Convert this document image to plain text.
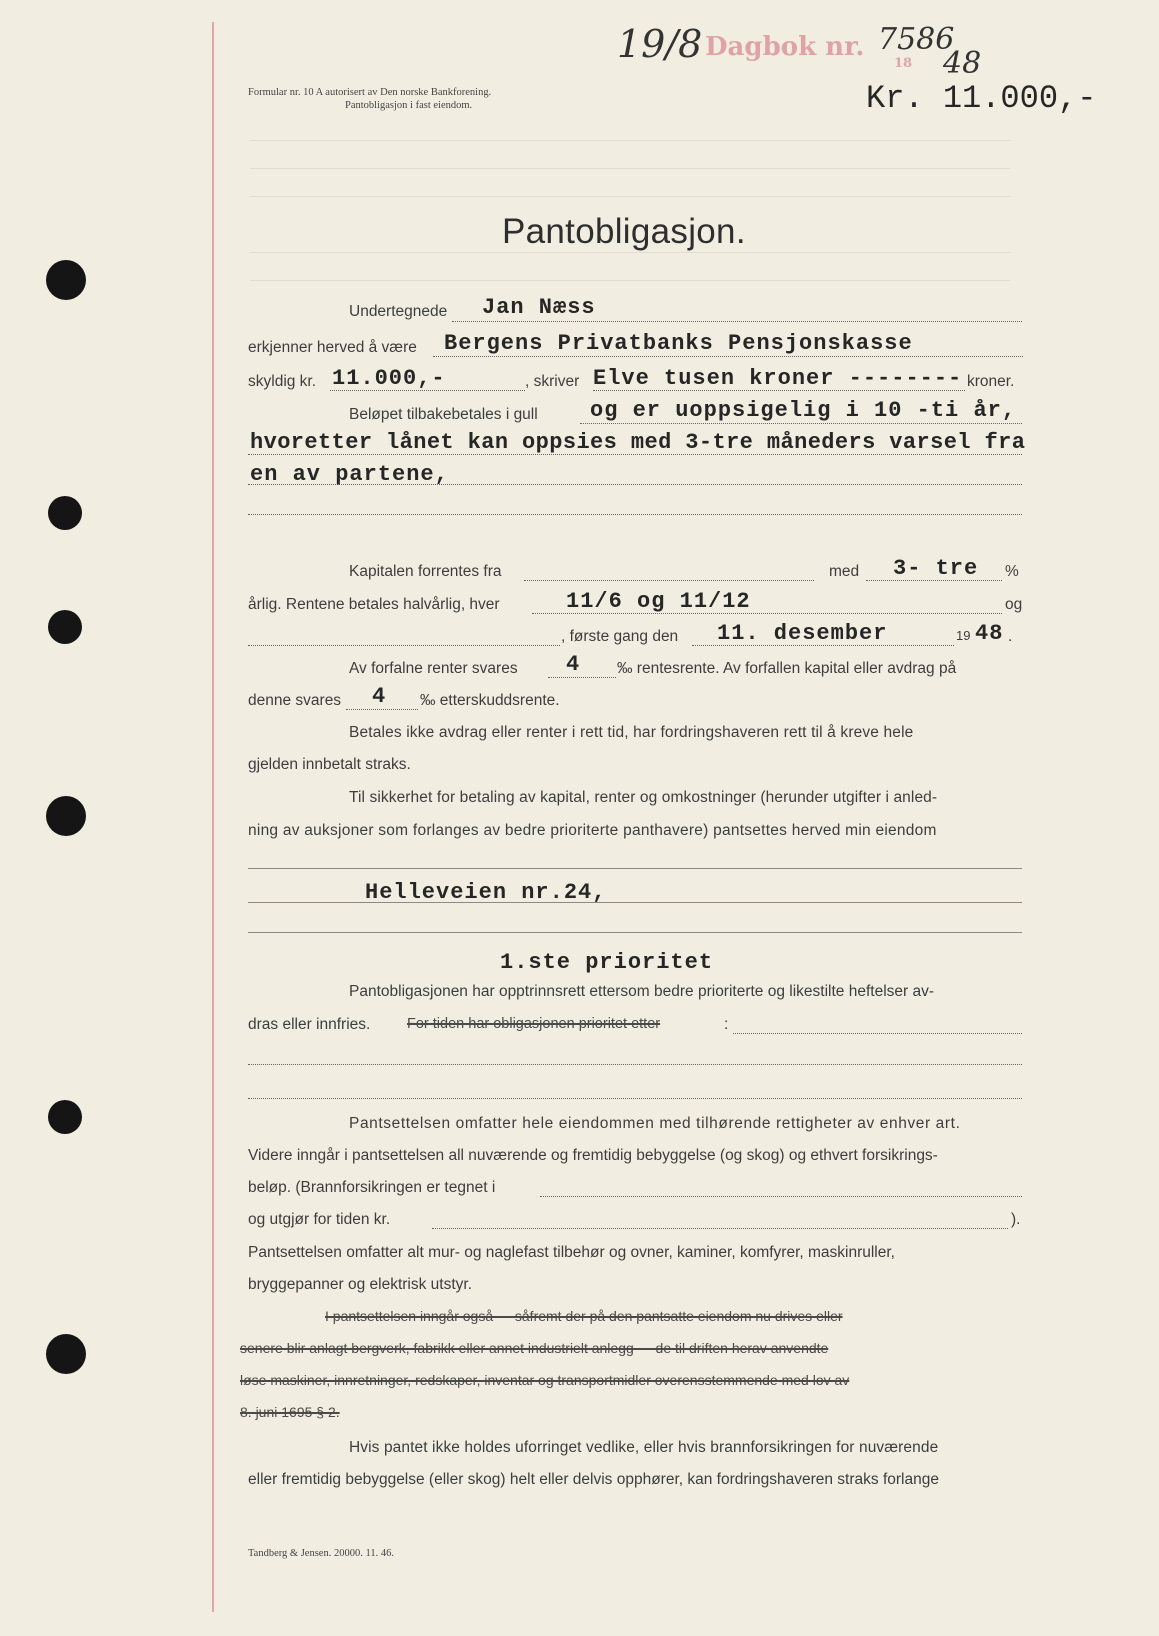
Formular nr. 10 A autorisert av Den norske Bankforening.
Pantobligasjon i fast eiendom.
19/8 Dagbok nr. 7586
18 48
Kr. 11.000,-
Pantobligasjon.
Undertegnede Jan Næss
erkjenner herved å være Bergens Privatbanks Pensjonskasse
skyldig kr. 11.000,-	, skriver Elve tusen kroner -------- kroner.
Beløpet tilbakebetales i gull og er uoppsigelig i 10 -ti år,
hvoretter lånet kan oppsies med 3-tre måneders varsel fra
en av partene,
Kapitalen forrentes fra	med 3- tre %
årlig. Rentene betales halvårlig, hver	11/6 og 11/12	og
, første gang den 11. desember	19 48 .
Av forfalne renter svares 4 ‰ rentesrente. Av forfallen kapital eller avdrag på
denne svares 4 ‰ etterskuddsrente.
Betales ikke avdrag eller renter i rett tid, har fordringshaveren rett til å kreve hele
gjelden innbetalt straks.
Til sikkerhet for betaling av kapital, renter og omkostninger (herunder utgifter i anled-
ning av auksjoner som forlanges av bedre prioriterte panthavere) pantsettes herved min eiendom
Helleveien nr.24,
1.ste prioritet
Pantobligasjonen har opptrinnsrett ettersom bedre prioriterte og likestilte heftelser av-
dras eller innfries.	For tiden har obligasjonen prioritet etter	:
Pantsettelsen omfatter hele eiendommen med tilhørende rettigheter av enhver art.
Videre inngår i pantsettelsen all nuværende og fremtidig bebyggelse (og skog) og ethvert forsikrings-
beløp. (Brannforsikringen er tegnet i
og utgjør for tiden kr.	).
Pantsettelsen omfatter alt mur- og naglefast tilbehør og ovner, kaminer, komfyrer, maskinruller,
bryggepanner og elektrisk utstyr.
I pantsettelsen inngår også — såfremt der på den pantsatte eiendom nu drives eller
senere blir anlagt bergverk, fabrikk eller annet industrielt anlegg — de til driften herav anvendte
løse maskiner, innretninger, redskaper, inventar og transportmidler overensstemmende med lov av
8. juni 1695 § 2.
Hvis pantet ikke holdes uforringet vedlike, eller hvis brannforsikringen for nuværende
eller fremtidig bebyggelse (eller skog) helt eller delvis opphører, kan fordringshaveren straks forlange
Tandberg & Jensen. 20000. 11. 46.
